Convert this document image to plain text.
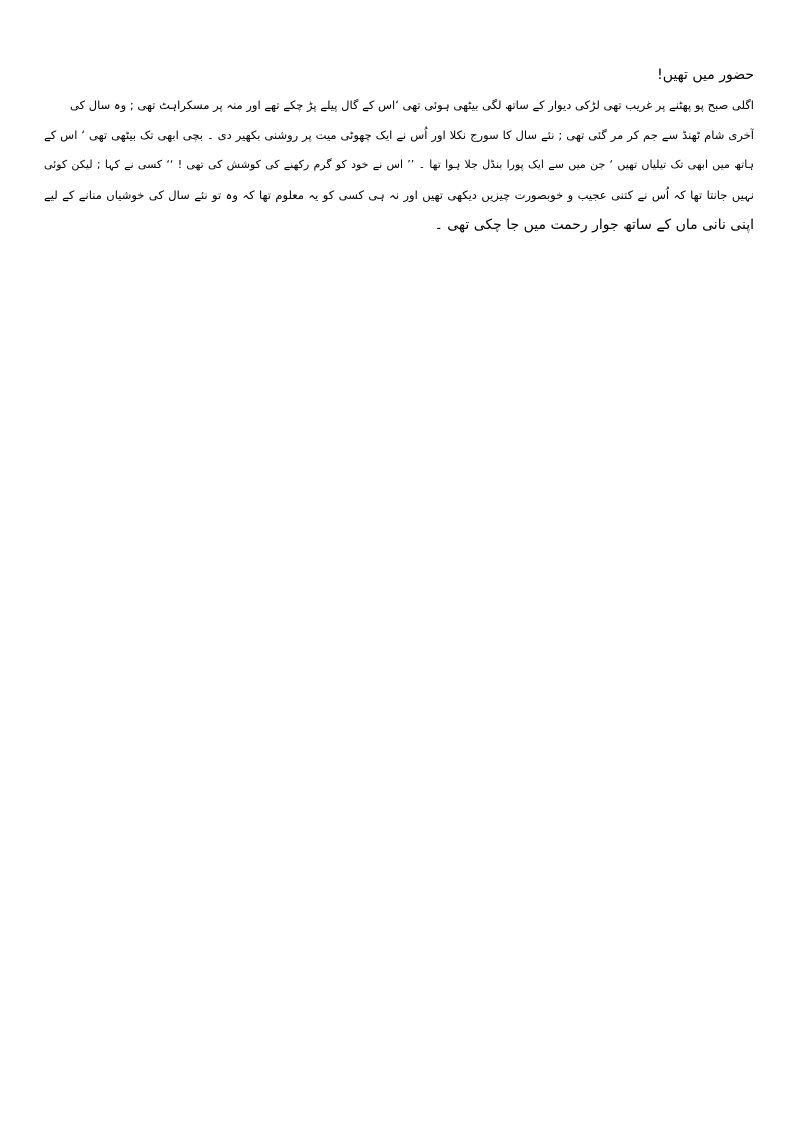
حضور میں تھیں!
اگلی صبح پو پھٹنے پر غریب تھی لڑکی دیوار کے ساتھ لگی بیٹھی ہوئی تھی ‘اس کے گال پیلے پڑ چکے تھے اور منہ پر مسکراہٹ تھی ; وہ سال کی
آخری شام ٹھنڈ سے جم کر مر گئی تھی ; نئے سال کا سورج نکلا اور اُس نے ایک چھوٹی میت پر روشنی بکھیر دی ۔ بچی ابھی تک بیٹھی تھی ‘ اس کے
ہاتھ میں ابھی تک تیلیاں تھیں ‘ جن میں سے ایک پورا بنڈل جلا ہوا تھا ۔ ’’ اس نے خود کو گرم رکھنے کی کوشش کی تھی ! ‘‘ کسی نے کہا ; لیکن کوئی
نہیں جانتا تھا کہ اُس نے کتنی عجیب و خوبصورت چیزیں دیکھی تھیں اور نہ ہی کسی کو یہ معلوم تھا کہ وہ تو نئے سال کی خوشیاں منانے کے لیے
اپنی نانی ماں کے ساتھ جوار رحمت میں جا چکی تھی ۔
